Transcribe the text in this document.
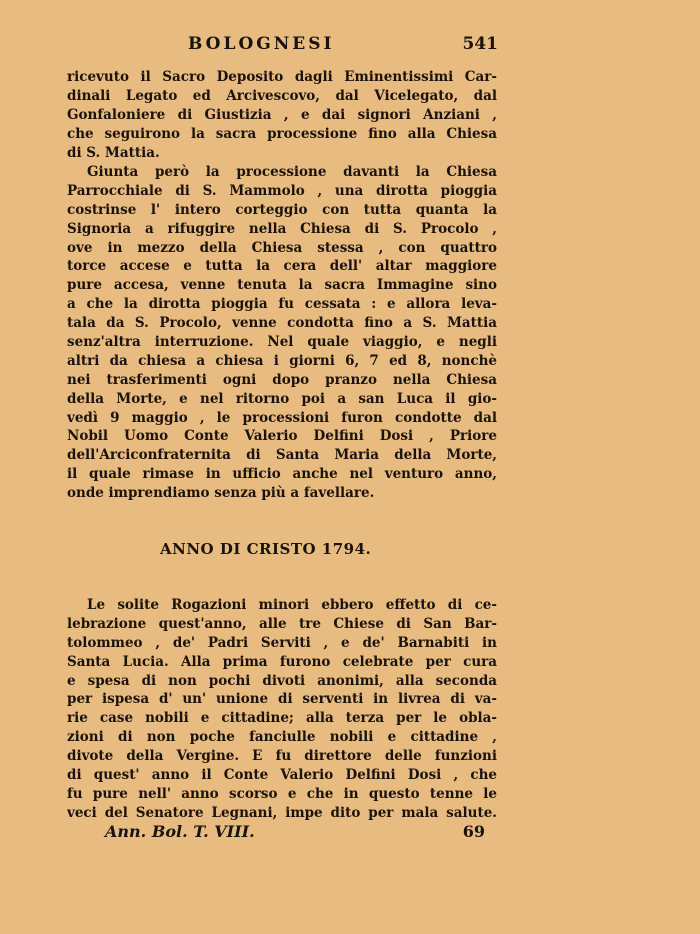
BOLOGNESI	541
ricevuto il Sacro Deposito dagli Eminentissimi Car-
dinali Legato ed Arcivescovo, dal Vicelegato, dal
Gonfaloniere di Giustizia , e dai signori Anziani ,
che seguirono la sacra processione fino alla Chiesa
di S. Mattia.
Giunta però la processione davanti la Chiesa
Parrocchiale di S. Mammolo , una dirotta pioggia
costrinse l' intero corteggio con tutta quanta la
Signoria a rifuggire nella Chiesa di S. Procolo ,
ove in mezzo della Chiesa stessa , con quattro
torce accese e tutta la cera dell' altar maggiore
pure accesa, venne tenuta la sacra Immagine sino
a che la dirotta pioggia fu cessata : e allora leva-
tala da S. Procolo, venne condotta fino a S. Mattia
senz'altra interruzione. Nel quale viaggio, e negli
altri da chiesa a chiesa i giorni 6, 7 ed 8, nonchè
nei trasferimenti ogni dopo pranzo nella Chiesa
della Morte, e nel ritorno poi a san Luca il gio-
vedì 9 maggio , le processioni furon condotte dal
Nobil Uomo Conte Valerio Delfini Dosi , Priore
dell'Arciconfraternita di Santa Maria della Morte,
il quale rimase in ufficio anche nel venturo anno,
onde imprendiamo senza più a favellare.
ANNO DI CRISTO 1794.
Le solite Rogazioni minori ebbero effetto di ce-
lebrazione quest'anno, alle tre Chiese di San Bar-
tolommeo , de' Padri Serviti , e de' Barnabiti in
Santa Lucia. Alla prima furono celebrate per cura
e spesa di non pochi divoti anonimi, alla seconda
per ispesa d' un' unione di serventi in livrea di va-
rie case nobili e cittadine; alla terza per le obla-
zioni di non poche fanciulle nobili e cittadine ,
divote della Vergine. E fu direttore delle funzioni
di quest' anno il Conte Valerio Delfini Dosi , che
fu pure nell' anno scorso e che in questo tenne le
veci del Senatore Legnani, impe dito per mala salute.
Ann. Bol. T. VIII.	69
